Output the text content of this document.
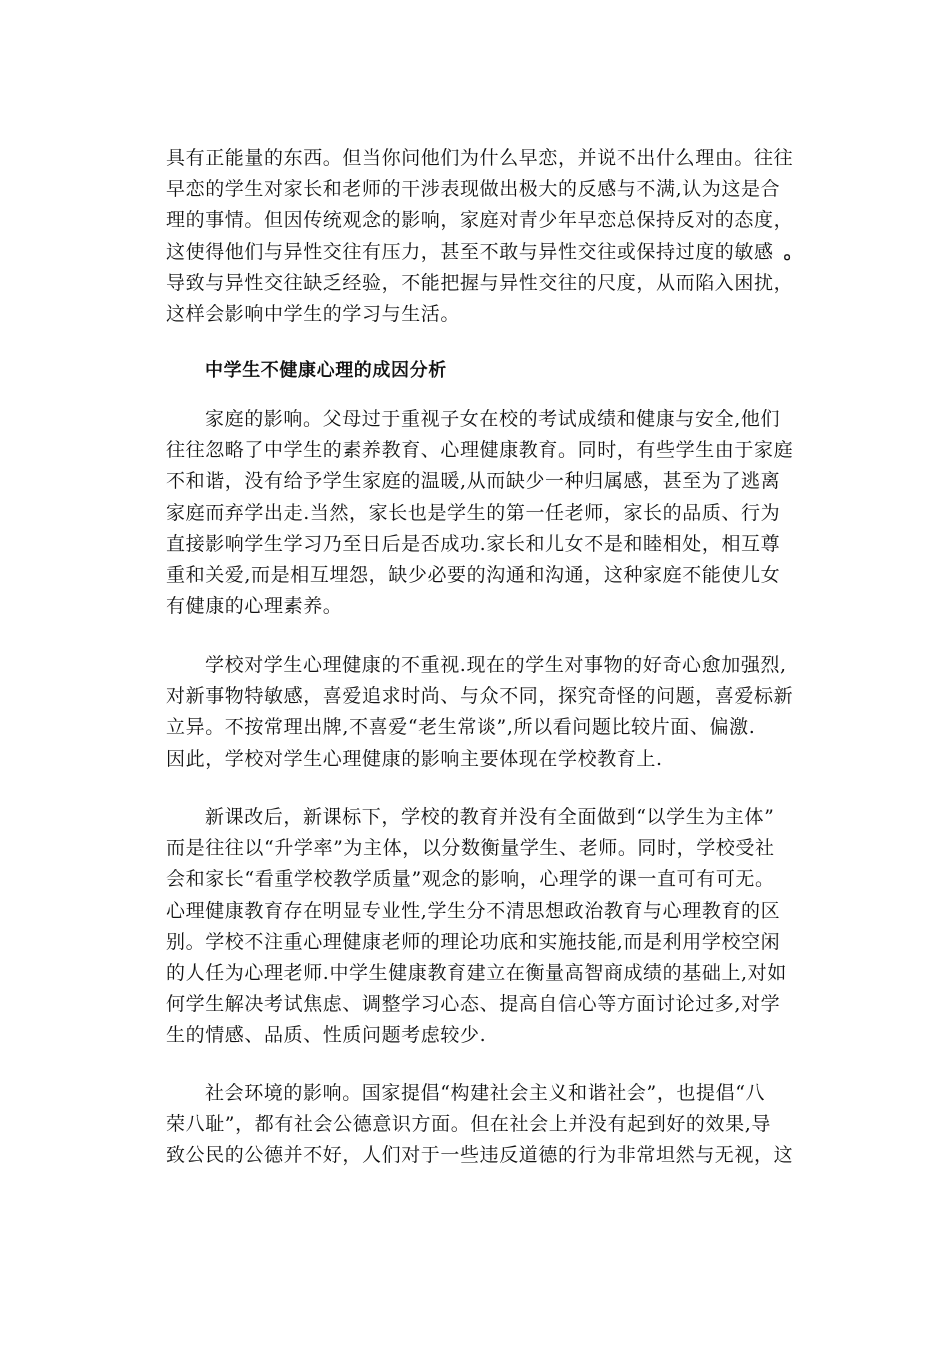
具有正能量的东西。但当你问他们为什么早恋，并说不出什么理由。往往
早恋的学生对家长和老师的干涉表现做出极大的反感与不满,认为这是合
理的事情。但因传统观念的影响，家庭对青少年早恋总保持反对的态度，
这使得他们与异性交往有压力，甚至不敢与异性交往或保持过度的敏感 。
导致与异性交往缺乏经验，不能把握与异性交往的尺度，从而陷入困扰，
这样会影响中学生的学习与生活。
中学生不健康心理的成因分析
家庭的影响。父母过于重视子女在校的考试成绩和健康与安全,他们
往往忽略了中学生的素养教育、心理健康教育。同时，有些学生由于家庭
不和谐，没有给予学生家庭的温暖,从而缺少一种归属感，甚至为了逃离
家庭而弃学出走.当然，家长也是学生的第一任老师，家长的品质、行为
直接影响学生学习乃至日后是否成功.家长和儿女不是和睦相处，相互尊
重和关爱,而是相互埋怨，缺少必要的沟通和沟通，这种家庭不能使儿女
有健康的心理素养。
学校对学生心理健康的不重视.现在的学生对事物的好奇心愈加强烈,
对新事物特敏感，喜爱追求时尚、与众不同，探究奇怪的问题，喜爱标新
立异。不按常理出牌,不喜爱“老生常谈”,所以看问题比较片面、偏激.
因此，学校对学生心理健康的影响主要体现在学校教育上.
新课改后，新课标下，学校的教育并没有全面做到“以学生为主体”
而是往往以“升学率”为主体，以分数衡量学生、老师。同时，学校受社
会和家长“看重学校教学质量”观念的影响，心理学的课一直可有可无。
心理健康教育存在明显专业性,学生分不清思想政治教育与心理教育的区
别。学校不注重心理健康老师的理论功底和实施技能,而是利用学校空闲
的人任为心理老师.中学生健康教育建立在衡量高智商成绩的基础上,对如
何学生解决考试焦虑、调整学习心态、提高自信心等方面讨论过多,对学
生的情感、品质、性质问题考虑较少.
社会环境的影响。国家提倡“构建社会主义和谐社会”，也提倡“八
荣八耻”，都有社会公德意识方面。但在社会上并没有起到好的效果,导
致公民的公德并不好，人们对于一些违反道德的行为非常坦然与无视，这
